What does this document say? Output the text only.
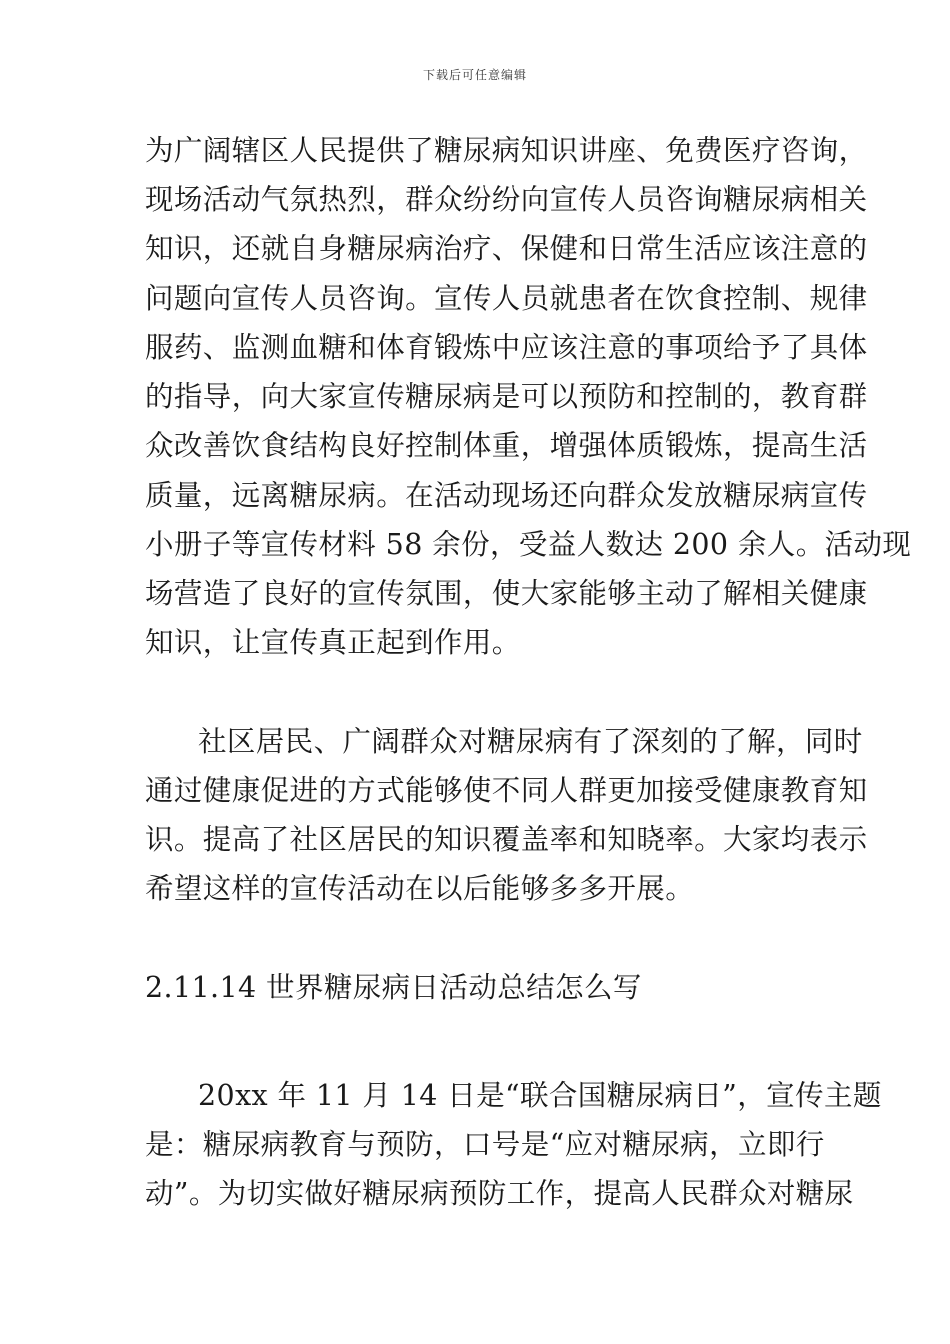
下载后可任意编辑
为广阔辖区人民提供了糖尿病知识讲座、免费医疗咨询，
现场活动气氛热烈，群众纷纷向宣传人员咨询糖尿病相关
知识，还就自身糖尿病治疗、保健和日常生活应该注意的
问题向宣传人员咨询。宣传人员就患者在饮食控制、规律
服药、监测血糖和体育锻炼中应该注意的事项给予了具体
的指导，向大家宣传糖尿病是可以预防和控制的，教育群
众改善饮食结构良好控制体重，增强体质锻炼，提高生活
质量，远离糖尿病。在活动现场还向群众发放糖尿病宣传
小册子等宣传材料 58 余份，受益人数达 200 余人。活动现
场营造了良好的宣传氛围，使大家能够主动了解相关健康
知识，让宣传真正起到作用。
社区居民、广阔群众对糖尿病有了深刻的了解，同时
通过健康促进的方式能够使不同人群更加接受健康教育知
识。提高了社区居民的知识覆盖率和知晓率。大家均表示
希望这样的宣传活动在以后能够多多开展。
2.11.14 世界糖尿病日活动总结怎么写
20xx 年 11 月 14 日是“联合国糖尿病日”，宣传主题
是：糖尿病教育与预防，口号是“应对糖尿病，立即行
动”。为切实做好糖尿病预防工作，提高人民群众对糖尿
